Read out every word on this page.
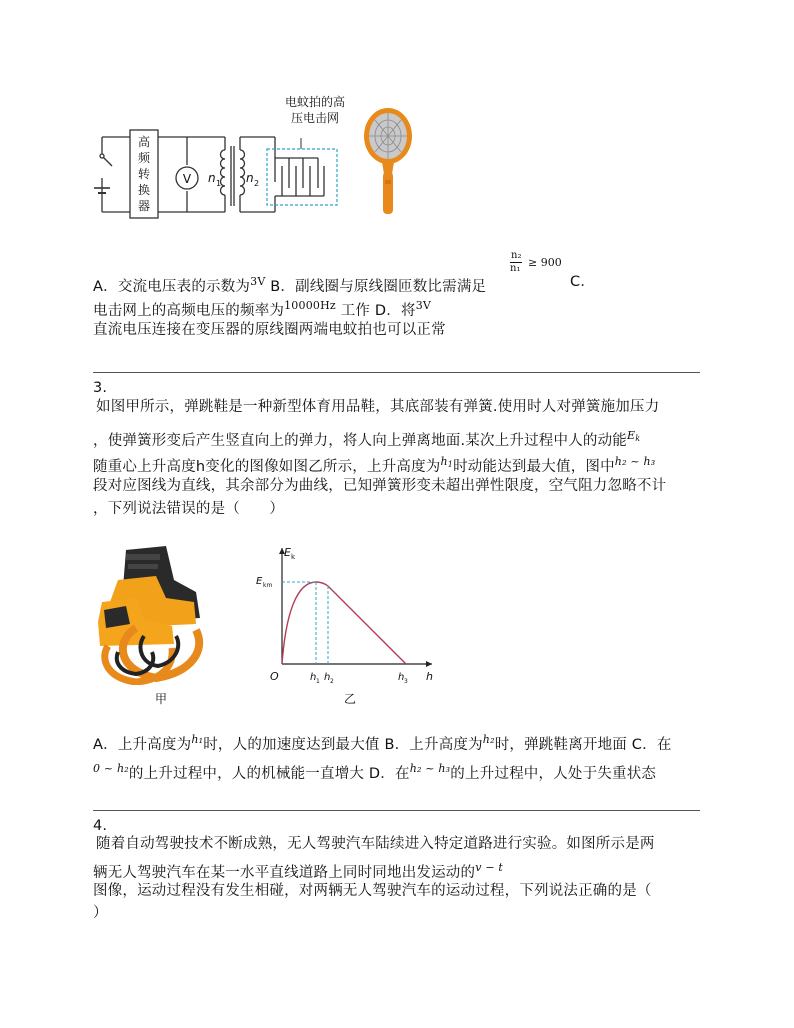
V n 1 n 2
高
频
转
换
器
电蚊拍的高
压电击网
$\frac{\text{n₂}}{\text{n₁}} \ge 900$
A．交流电压表的示数为$^{3V}$ B．副线圈与原线圈匝数比需满足	C．
电击网上的高频电压的频率为$^{10000Hz}$ 工作 D．将$^{3V}$
直流电压连接在变压器的原线圈两端电蚊拍也可以正常
3.
如图甲所示，弹跳鞋是一种新型体育用品鞋，其底部装有弹簧.使用时人对弹簧施加压力
，使弹簧形变后产生竖直向上的弹力，将人向上弹离地面.某次上升过程中人的动能$^{Ek}$
随重心上升高度h变化的图像如图乙所示，上升高度为$^{h1}$时动能达到最大值，图中$^{h_2 \sim h_3}$
段对应图线为直线，其余部分为曲线，已知弹簧形变未超出弹性限度，空气阻力忽略不计
，下列说法错误的是（　　）
甲
E k
E km
O	h 1 h 2	h 3 h
乙
A．上升高度为$^{h_1}$时，人的加速度达到最大值 B．上升高度为$^{h_2}$时，弹跳鞋离开地面 C．在
$^{0 \sim h_2}$的上升过程中，人的机械能一直增大 D．在$^{h_2 \sim h_3}$的上升过程中，人处于失重状态
4.
随着自动驾驶技术不断成熟，无人驾驶汽车陆续进入特定道路进行实验。如图所示是两
辆无人驾驶汽车在某一水平直线道路上同时同地出发运动的$^{v - t}$
图像，运动过程没有发生相碰，对两辆无人驾驶汽车的运动过程，下列说法正确的是（
）
